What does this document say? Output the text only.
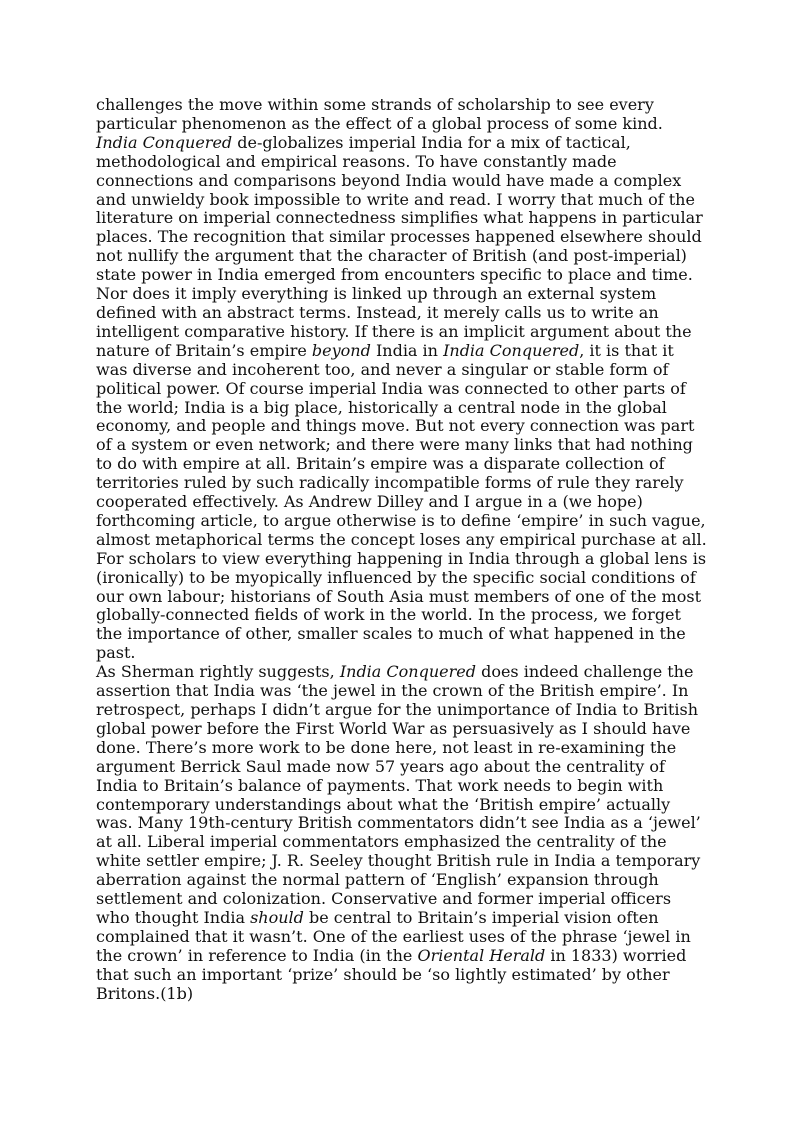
challenges the move within some strands of scholarship to see every particular phenomenon as the effect of a global process of some kind. India Conquered de-globalizes imperial India for a mix of tactical, methodological and empirical reasons. To have constantly made connections and comparisons beyond India would have made a complex and unwieldy book impossible to write and read. I worry that much of the literature on imperial connectedness simplifies what happens in particular places. The recognition that similar processes happened elsewhere should not nullify the argument that the character of British (and post-imperial) state power in India emerged from encounters specific to place and time. Nor does it imply everything is linked up through an external system defined with an abstract terms. Instead, it merely calls us to write an intelligent comparative history. If there is an implicit argument about the nature of Britain’s empire beyond India in India Conquered, it is that it was diverse and incoherent too, and never a singular or stable form of political power. Of course imperial India was connected to other parts of the world; India is a big place, historically a central node in the global economy, and people and things move. But not every connection was part of a system or even network; and there were many links that had nothing to do with empire at all. Britain’s empire was a disparate collection of territories ruled by such radically incompatible forms of rule they rarely cooperated effectively. As Andrew Dilley and I argue in a (we hope) forthcoming article, to argue otherwise is to define ‘empire’ in such vague, almost metaphorical terms the concept loses any empirical purchase at all. For scholars to view everything happening in India through a global lens is (ironically) to be myopically influenced by the specific social conditions of our own labour; historians of South Asia must members of one of the most globally-connected fields of work in the world. In the process, we forget the importance of other, smaller scales to much of what happened in the past.

As Sherman rightly suggests, India Conquered does indeed challenge the assertion that India was ‘the jewel in the crown of the British empire’. In retrospect, perhaps I didn’t argue for the unimportance of India to British global power before the First World War as persuasively as I should have done. There’s more work to be done here, not least in re-examining the argument Berrick Saul made now 57 years ago about the centrality of India to Britain’s balance of payments. That work needs to begin with contemporary understandings about what the ‘British empire’ actually was. Many 19th-century British commentators didn’t see India as a ‘jewel’ at all. Liberal imperial commentators emphasized the centrality of the white settler empire; J. R. Seeley thought British rule in India a temporary aberration against the normal pattern of ‘English’ expansion through settlement and colonization. Conservative and former imperial officers who thought India should be central to Britain’s imperial vision often complained that it wasn’t. One of the earliest uses of the phrase ‘jewel in the crown’ in reference to India (in the Oriental Herald in 1833) worried that such an important ‘prize’ should be ‘so lightly estimated’ by other Britons.(1b)
